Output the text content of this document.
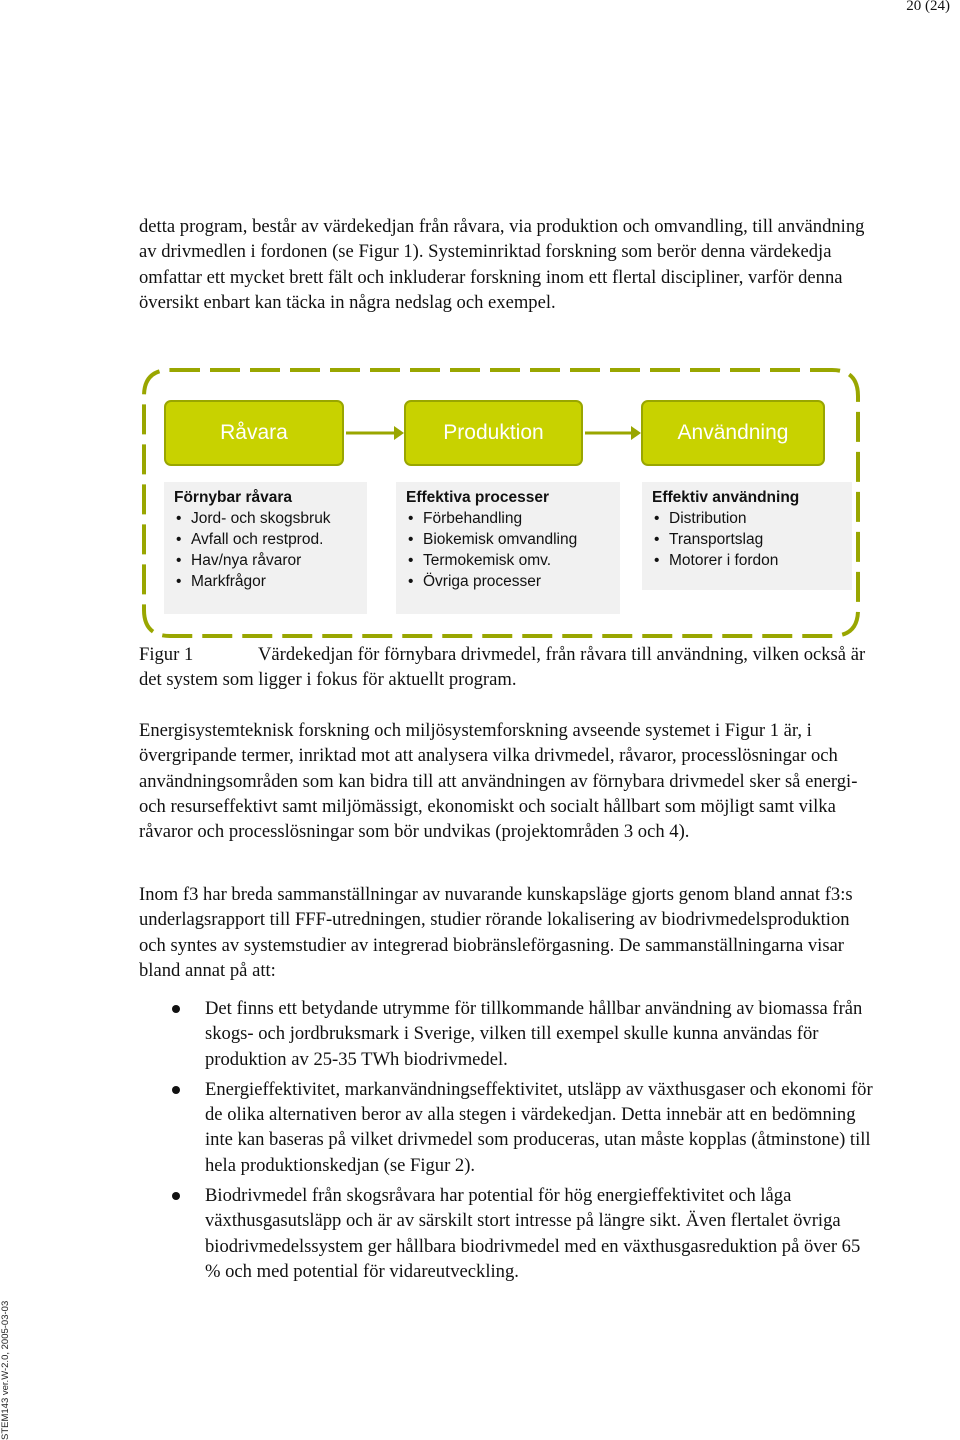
20 (24)

detta program, består av värdekedjan från råvara, via produktion och omvandling, till användning av drivmedlen i fordonen (se Figur 1). Systeminriktad forskning som berör denna värdekedja omfattar ett mycket brett fält och inkluderar forskning inom ett flertal discipliner, varför denna översikt enbart kan täcka in några nedslag och exempel.

Råvara	Produktion	Användning
Förnybar råvara
• Jord- och skogsbruk
• Avfall och restprod.
• Hav/nya råvaror
• Markfrågor
Effektiva processer
• Förbehandling
• Biokemisk omvandling
• Termokemisk omv.
• Övriga processer
Effektiv användning
• Distribution
• Transportslag
• Motorer i fordon
Figur 1	Värdekedjan för förnybara drivmedel, från råvara till användning, vilken också är det system som ligger i fokus för aktuellt program.

Energisystemteknisk forskning och miljösystemforskning avseende systemet i Figur 1 är, i övergripande termer, inriktad mot att analysera vilka drivmedel, råvaror, processlösningar och användningsområden som kan bidra till att användningen av förnybara drivmedel sker så energi- och resurseffektivt samt miljömässigt, ekonomiskt och socialt hållbart som möjligt samt vilka råvaror och processlösningar som bör undvikas (projektområden 3 och 4).

Inom f3 har breda sammanställningar av nuvarande kunskapsläge gjorts genom bland annat f3:s underlagsrapport till FFF-utredningen, studier rörande lokalisering av biodrivmedelsproduktion och syntes av systemstudier av integrerad biobränsleförgasning. De sammanställningarna visar bland annat på att:

Det finns ett betydande utrymme för tillkommande hållbar användning av biomassa från skogs- och jordbruksmark i Sverige, vilken till exempel skulle kunna användas för produktion av 25-35 TWh biodrivmedel.
Energieffektivitet, markanvändningseffektivitet, utsläpp av växthusgaser och ekonomi för de olika alternativen beror av alla stegen i värdekedjan. Detta innebär att en bedömning inte kan baseras på vilket drivmedel som produceras, utan måste kopplas (åtminstone) till hela produktionskedjan (se Figur 2).
Biodrivmedel från skogsråvara har potential för hög energieffektivitet och låga växthusgasutsläpp och är av särskilt stort intresse på längre sikt. Även flertalet övriga biodrivmedelssystem ger hållbara biodrivmedel med en växthusgasreduktion på över 65 % och med potential för vidareutveckling.
STEM143 ver.W-2.0, 2005-03-03
